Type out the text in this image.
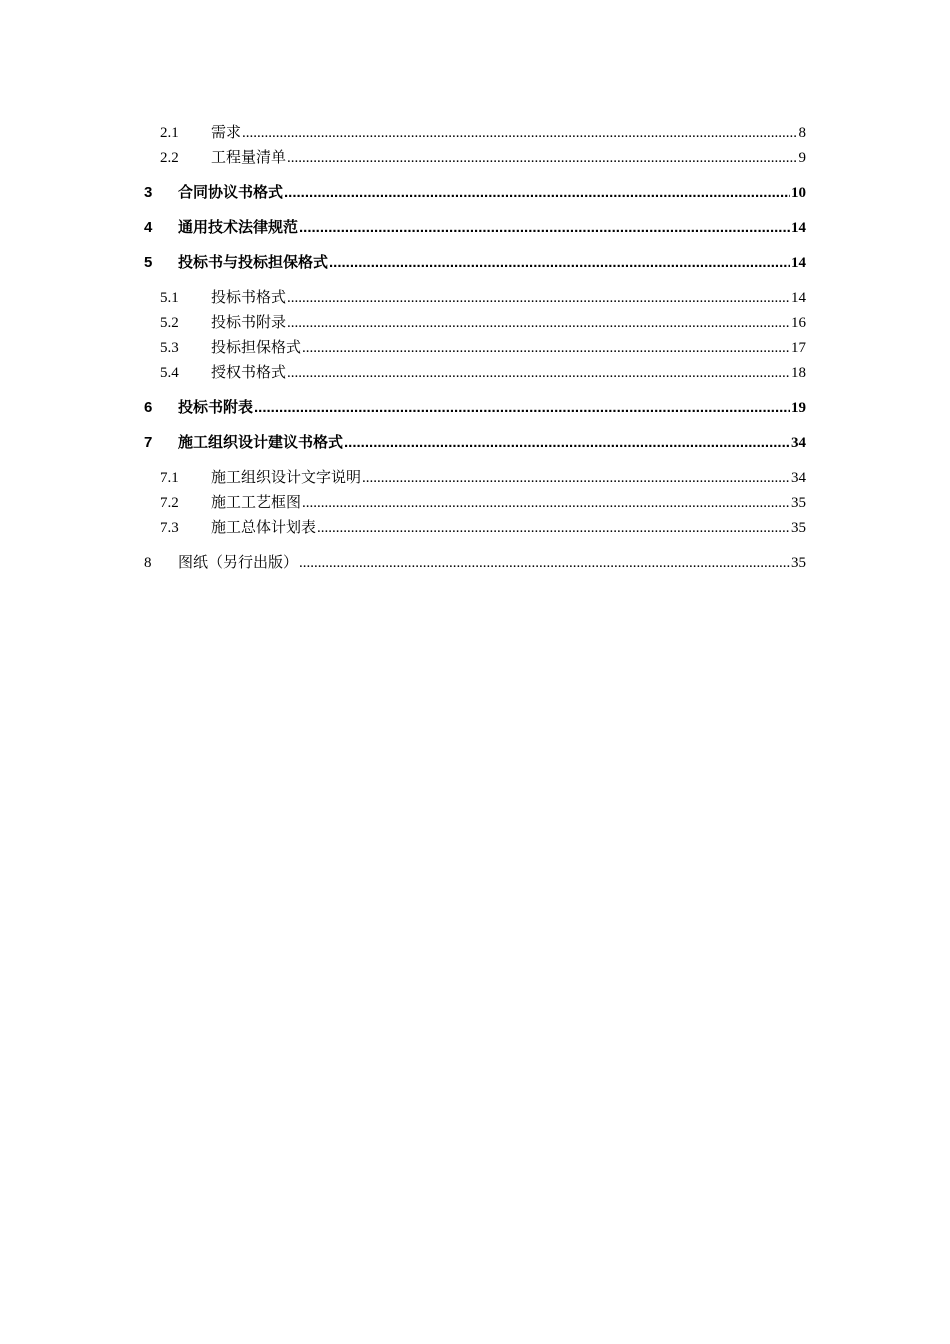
2.1	需求 .....	8
2.2	工程量清单 .....	9
3	合同协议书格式 .....	10
4	通用技术法律规范 .....	14
5	投标书与投标担保格式 .....	14
5.1	投标书格式 .....	14
5.2	投标书附录 .....	16
5.3	投标担保格式 .....	17
5.4	授权书格式 .....	18
6	投标书附表 .....	19
7	施工组织设计建议书格式 .....	34
7.1	施工组织设计文字说明 .....	34
7.2	施工工艺框图 .....	35
7.3	施工总体计划表 .....	35
8	图纸（另行出版） .....	35
